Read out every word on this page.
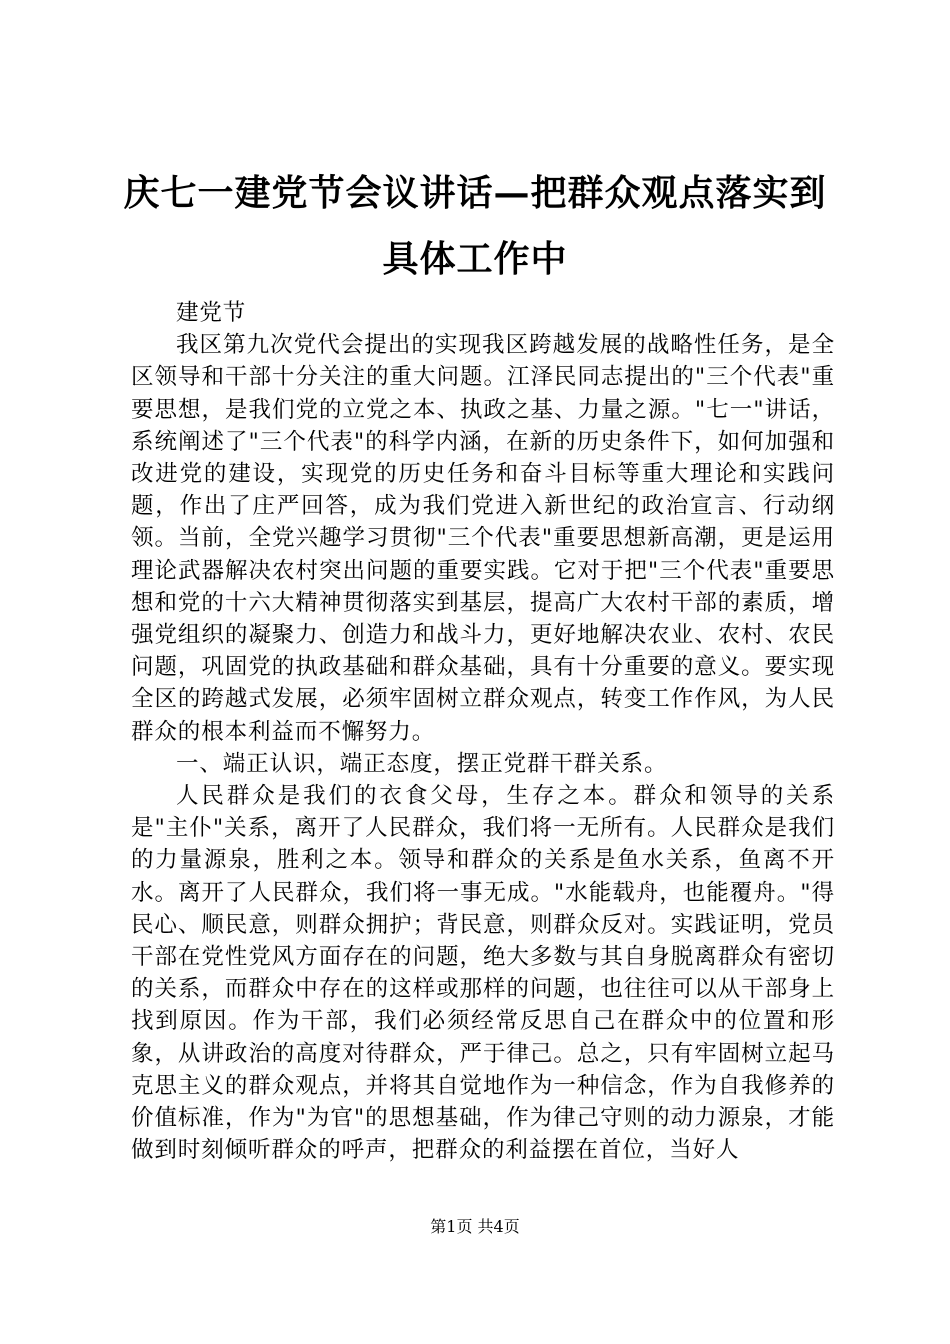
庆七一建党节会议讲话—把群众观点落实到具体工作中

建党节

我区第九次党代会提出的实现我区跨越发展的战略性任务，是全区领导和干部十分关注的重大问题。江泽民同志提出的"三个代表"重要思想，是我们党的立党之本、执政之基、力量之源。"七一"讲话，系统阐述了"三个代表"的科学内涵，在新的历史条件下，如何加强和改进党的建设，实现党的历史任务和奋斗目标等重大理论和实践问题，作出了庄严回答，成为我们党进入新世纪的政治宣言、行动纲领。当前，全党兴趣学习贯彻"三个代表"重要思想新高潮，更是运用理论武器解决农村突出问题的重要实践。它对于把"三个代表"重要思想和党的十六大精神贯彻落实到基层，提高广大农村干部的素质，增强党组织的凝聚力、创造力和战斗力，更好地解决农业、农村、农民问题，巩固党的执政基础和群众基础，具有十分重要的意义。要实现全区的跨越式发展，必须牢固树立群众观点，转变工作作风，为人民群众的根本利益而不懈努力。

一、端正认识，端正态度，摆正党群干群关系。

人民群众是我们的衣食父母，生存之本。群众和领导的关系是"主仆"关系，离开了人民群众，我们将一无所有。人民群众是我们的力量源泉，胜利之本。领导和群众的关系是鱼水关系，鱼离不开水。离开了人民群众，我们将一事无成。"水能载舟，也能覆舟。"得民心、顺民意，则群众拥护；背民意，则群众反对。实践证明，党员干部在党性党风方面存在的问题，绝大多数与其自身脱离群众有密切的关系，而群众中存在的这样或那样的问题，也往往可以从干部身上找到原因。作为干部，我们必须经常反思自己在群众中的位置和形象，从讲政治的高度对待群众，严于律己。总之，只有牢固树立起马克思主义的群众观点，并将其自觉地作为一种信念，作为自我修养的价值标准，作为"为官"的思想基础，作为律己守则的动力源泉，才能做到时刻倾听群众的呼声，把群众的利益摆在首位，当好人

第1页 共4页
